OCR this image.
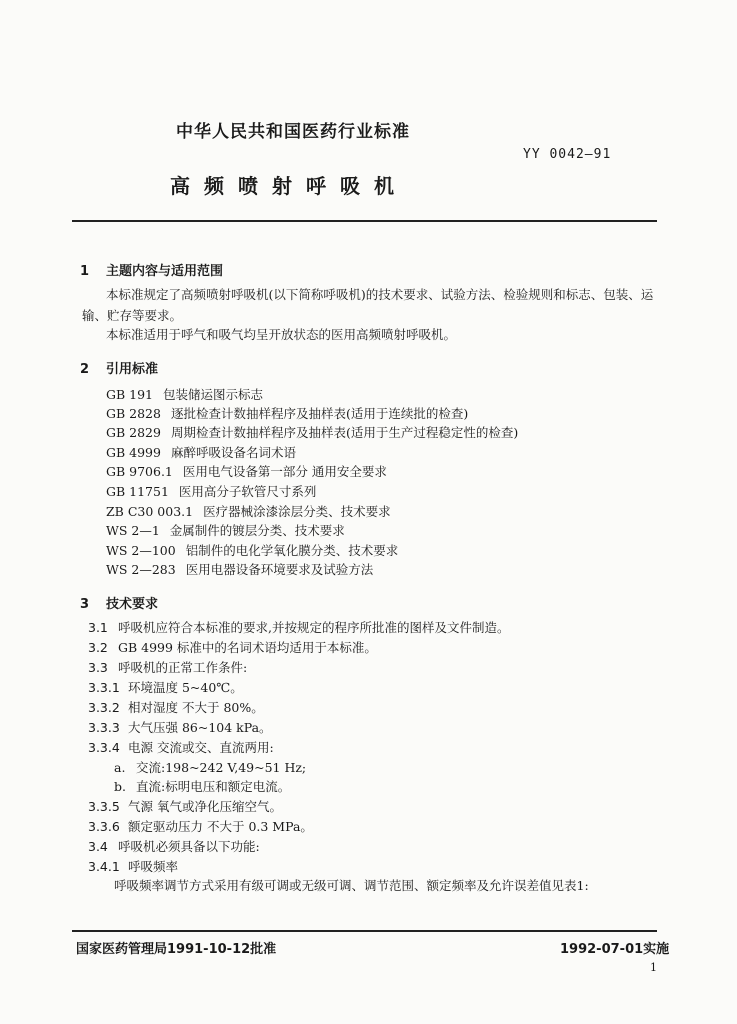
中华人民共和国医药行业标准
YY 0042—91
高频喷射呼吸机
1 主题内容与适用范围
本标准规定了高频喷射呼吸机(以下简称呼吸机)的技术要求、试验方法、检验规则和标志、包装、运
输、贮存等要求。
本标准适用于呼气和吸气均呈开放状态的医用高频喷射呼吸机。
2 引用标准
GB 191 包装储运图示标志
GB 2828 逐批检查计数抽样程序及抽样表(适用于连续批的检查)
GB 2829 周期检查计数抽样程序及抽样表(适用于生产过程稳定性的检查)
GB 4999 麻醉呼吸设备名词术语
GB 9706.1 医用电气设备第一部分 通用安全要求
GB 11751 医用高分子软管尺寸系列
ZB C30 003.1 医疗器械涂漆涂层分类、技术要求
WS 2—1 金属制件的镀层分类、技术要求
WS 2—100 铝制件的电化学氧化膜分类、技术要求
WS 2—283 医用电器设备环境要求及试验方法
3 技术要求
3.1 呼吸机应符合本标准的要求,并按规定的程序所批准的图样及文件制造。
3.2 GB 4999 标准中的名词术语均适用于本标准。
3.3 呼吸机的正常工作条件:
3.3.1 环境温度 5~40℃。
3.3.2 相对湿度 不大于 80%。
3.3.3 大气压强 86~104 kPa。
3.3.4 电源 交流或交、直流两用:
a. 交流:198~242 V,49~51 Hz;
b. 直流:标明电压和额定电流。
3.3.5 气源 氧气或净化压缩空气。
3.3.6 额定驱动压力 不大于 0.3 MPa。
3.4 呼吸机必须具备以下功能:
3.4.1 呼吸频率
呼吸频率调节方式采用有级可调或无级可调、调节范围、额定频率及允许误差值见表1:
国家医药管理局1991-10-12批准	1992-07-01实施
1
